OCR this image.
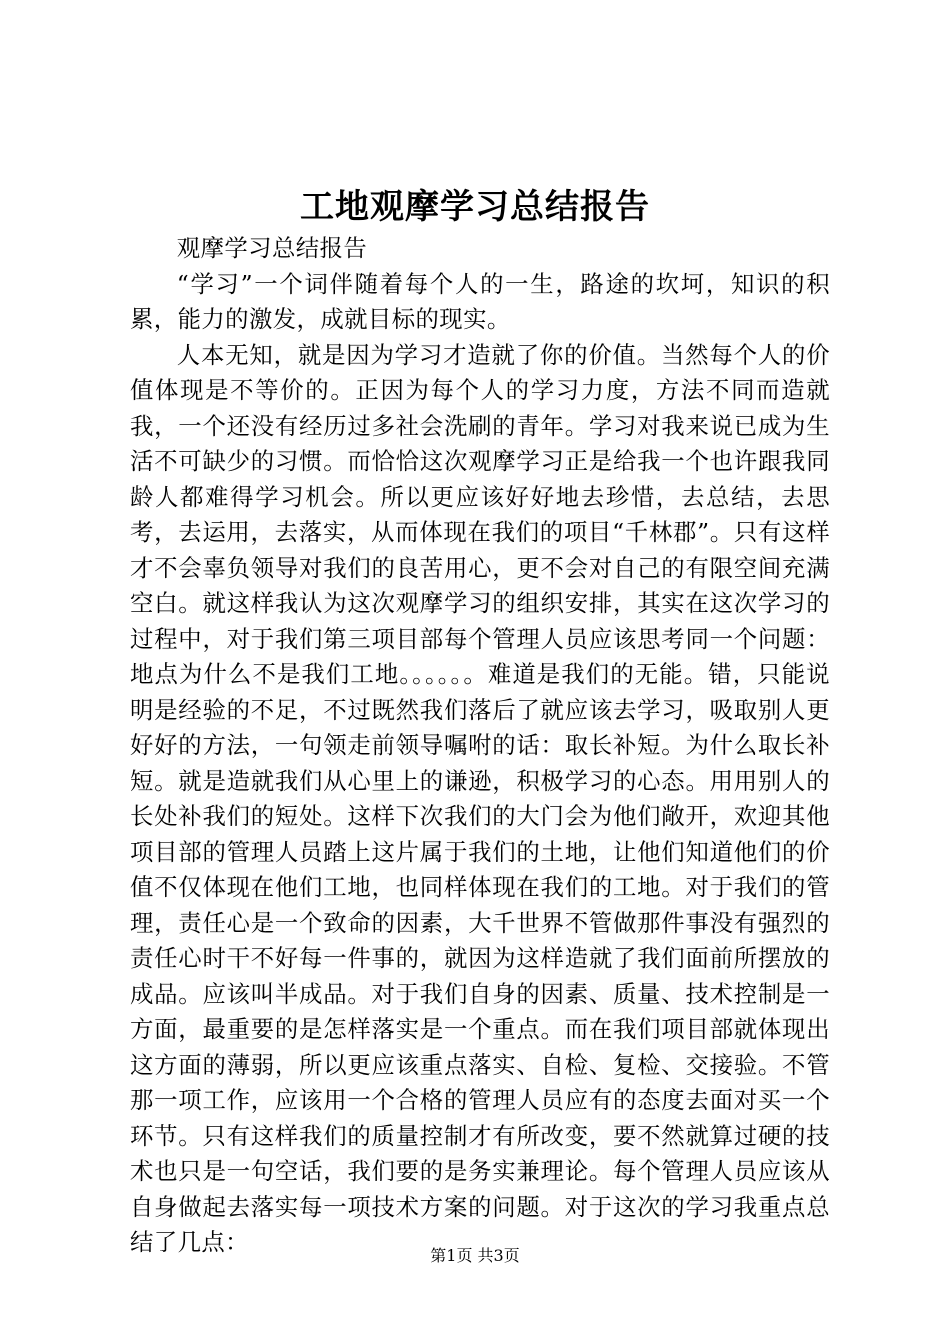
工地观摩学习总结报告

观摩学习总结报告

“学习”一个词伴随着每个人的一生，路途的坎坷，知识的积累，能力的激发，成就目标的现实。

人本无知，就是因为学习才造就了你的价值。当然每个人的价值体现是不等价的。正因为每个人的学习力度，方法不同而造就我，一个还没有经历过多社会洗刷的青年。学习对我来说已成为生活不可缺少的习惯。而恰恰这次观摩学习正是给我一个也许跟我同龄人都难得学习机会。所以更应该好好地去珍惜，去总结，去思考，去运用，去落实，从而体现在我们的项目“千林郡”。只有这样才不会辜负领导对我们的良苦用心，更不会对自己的有限空间充满空白。就这样我认为这次观摩学习的组织安排，其实在这次学习的过程中，对于我们第三项目部每个管理人员应该思考同一个问题：地点为什么不是我们工地。。。。。。难道是我们的无能。错，只能说明是经验的不足，不过既然我们落后了就应该去学习，吸取别人更好好的方法，一句领走前领导嘱咐的话：取长补短。为什么取长补短。就是造就我们从心里上的谦逊，积极学习的心态。用用别人的长处补我们的短处。这样下次我们的大门会为他们敞开，欢迎其他项目部的管理人员踏上这片属于我们的土地，让他们知道他们的价值不仅体现在他们工地，也同样体现在我们的工地。对于我们的管理，责任心是一个致命的因素，大千世界不管做那件事没有强烈的责任心时干不好每一件事的，就因为这样造就了我们面前所摆放的成品。应该叫半成品。对于我们自身的因素、质量、技术控制是一方面，最重要的是怎样落实是一个重点。而在我们项目部就体现出这方面的薄弱，所以更应该重点落实、自检、复检、交接验。不管那一项工作，应该用一个合格的管理人员应有的态度去面对买一个环节。只有这样我们的质量控制才有所改变，要不然就算过硬的技术也只是一句空话，我们要的是务实兼理论。每个管理人员应该从自身做起去落实每一项技术方案的问题。对于这次的学习我重点总结了几点：	第1页 共3页
